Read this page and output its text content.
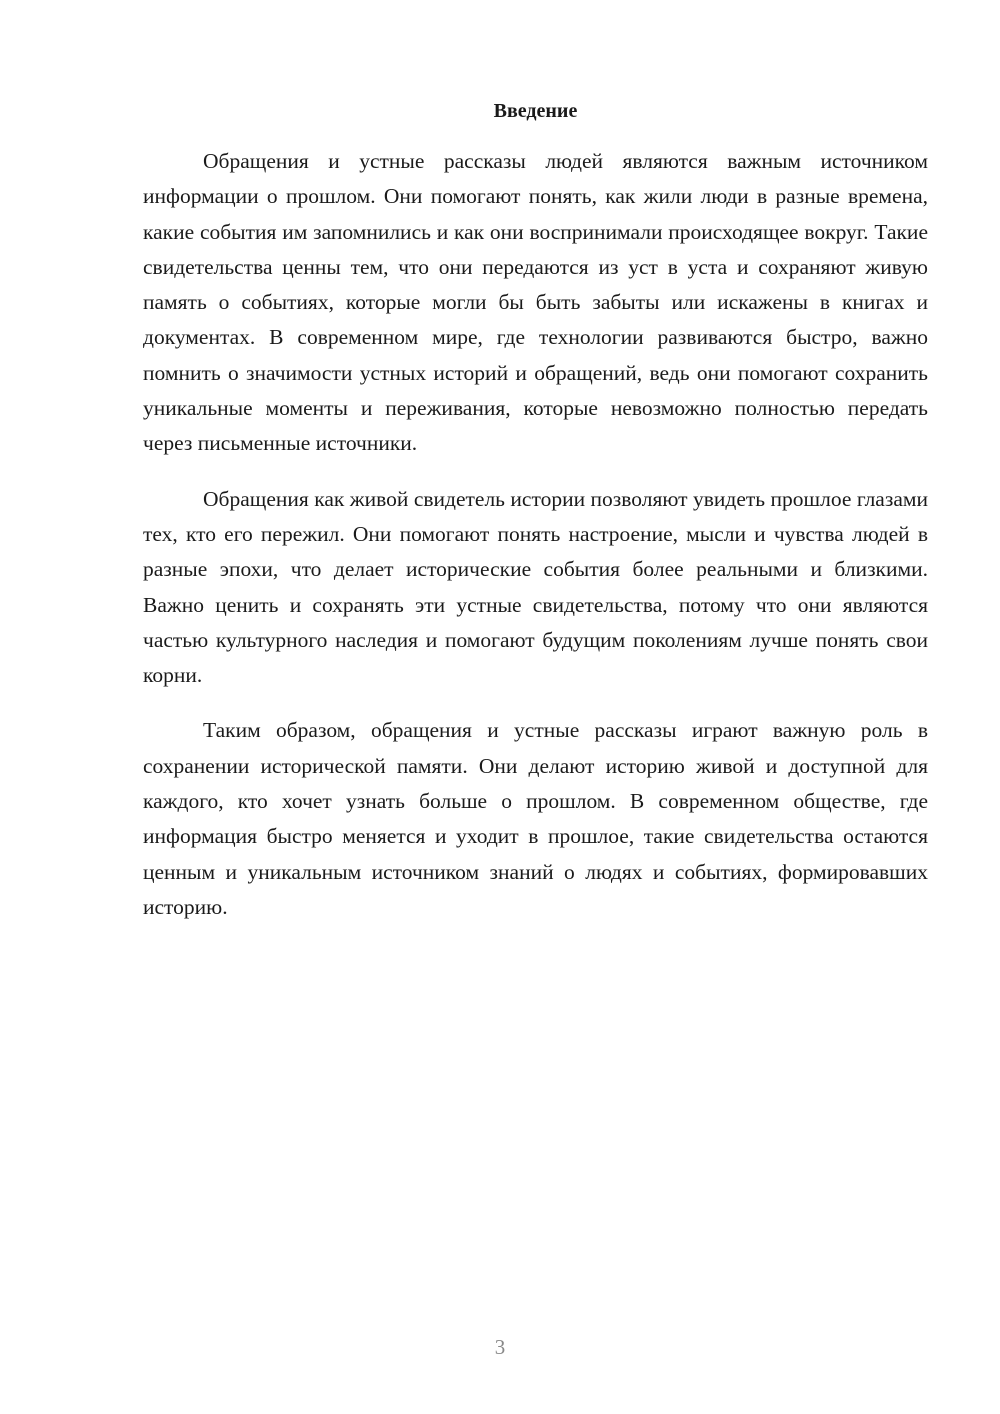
Введение

Обращения и устные рассказы людей являются важным источником информации о прошлом. Они помогают понять, как жили люди в разные времена, какие события им запомнились и как они воспринимали происходящее вокруг. Такие свидетельства ценны тем, что они передаются из уст в уста и сохраняют живую память о событиях, которые могли бы быть забыты или искажены в книгах и документах. В современном мире, где технологии развиваются быстро, важно помнить о значимости устных историй и обращений, ведь они помогают сохранить уникальные моменты и переживания, которые невозможно полностью передать через письменные источники.

Обращения как живой свидетель истории позволяют увидеть прошлое глазами тех, кто его пережил. Они помогают понять настроение, мысли и чувства людей в разные эпохи, что делает исторические события более реальными и близкими. Важно ценить и сохранять эти устные свидетельства, потому что они являются частью культурного наследия и помогают будущим поколениям лучше понять свои корни.

Таким образом, обращения и устные рассказы играют важную роль в сохранении исторической памяти. Они делают историю живой и доступной для каждого, кто хочет узнать больше о прошлом. В современном обществе, где информация быстро меняется и уходит в прошлое, такие свидетельства остаются ценным и уникальным источником знаний о людях и событиях, формировавших историю.

3
